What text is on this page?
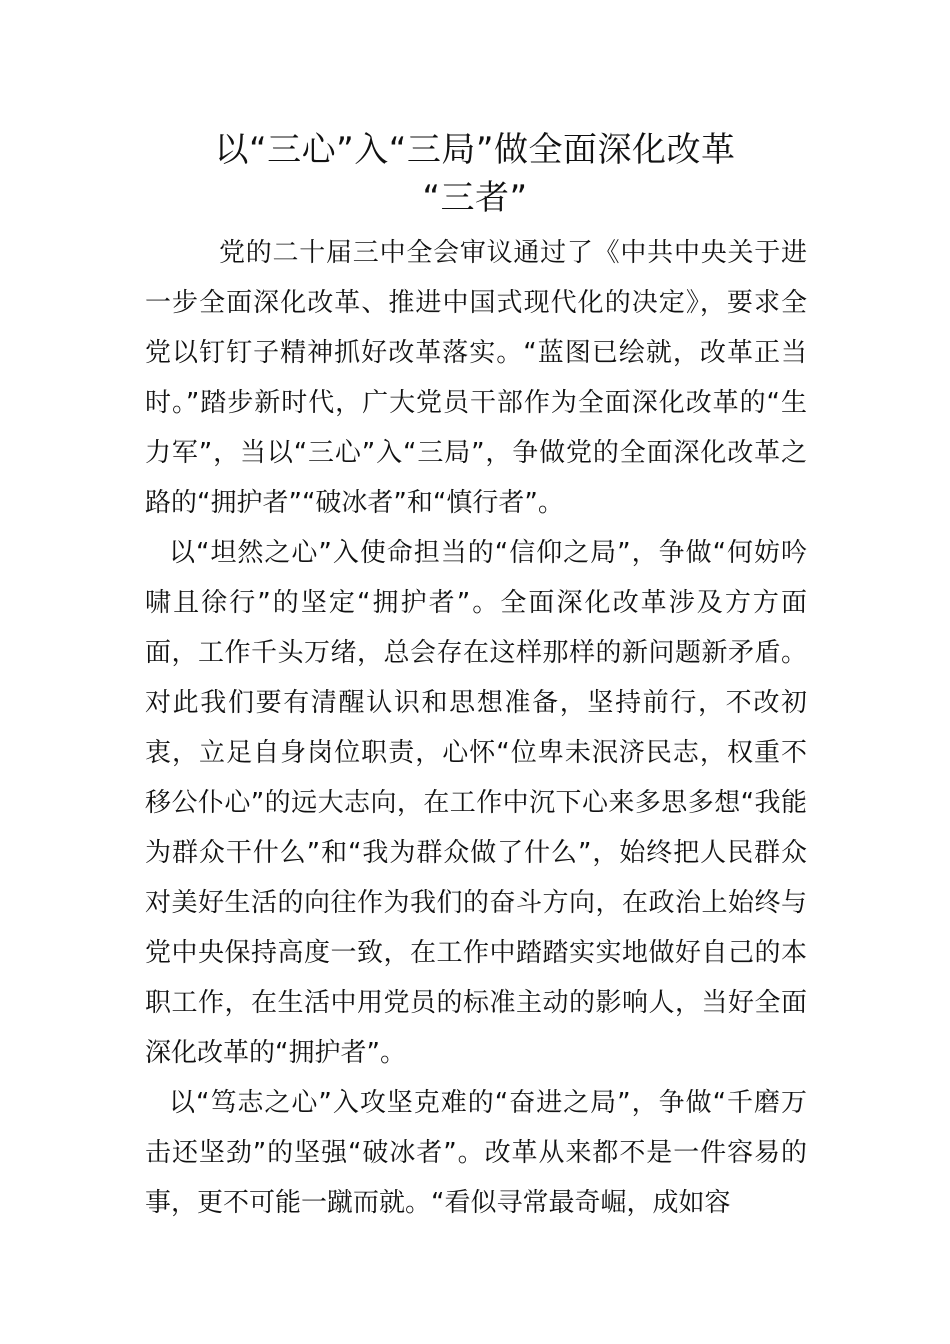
以“三心”入“三局”做全面深化改革
“三者”

党的二十届三中全会审议通过了《中共中央关于进一步全面深化改革、推进中国式现代化的决定》，要求全党以钉钉子精神抓好改革落实。“蓝图已绘就，改革正当时。”踏步新时代，广大党员干部作为全面深化改革的“生力军”，当以“三心”入“三局”，争做党的全面深化改革之路的“拥护者”“破冰者”和“慎行者”。

以“坦然之心”入使命担当的“信仰之局”，争做“何妨吟啸且徐行”的坚定“拥护者”。全面深化改革涉及方方面面，工作千头万绪，总会存在这样那样的新问题新矛盾。对此我们要有清醒认识和思想准备，坚持前行，不改初衷，立足自身岗位职责，心怀“位卑未泯济民志，权重不移公仆心”的远大志向，在工作中沉下心来多思多想“我能为群众干什么”和“我为群众做了什么”，始终把人民群众对美好生活的向往作为我们的奋斗方向，在政治上始终与党中央保持高度一致，在工作中踏踏实实地做好自己的本职工作，在生活中用党员的标准主动的影响人，当好全面深化改革的“拥护者”。

以“笃志之心”入攻坚克难的“奋进之局”，争做“千磨万击还坚劲”的坚强“破冰者”。改革从来都不是一件容易的事，更不可能一蹴而就。“看似寻常最奇崛，成如容
